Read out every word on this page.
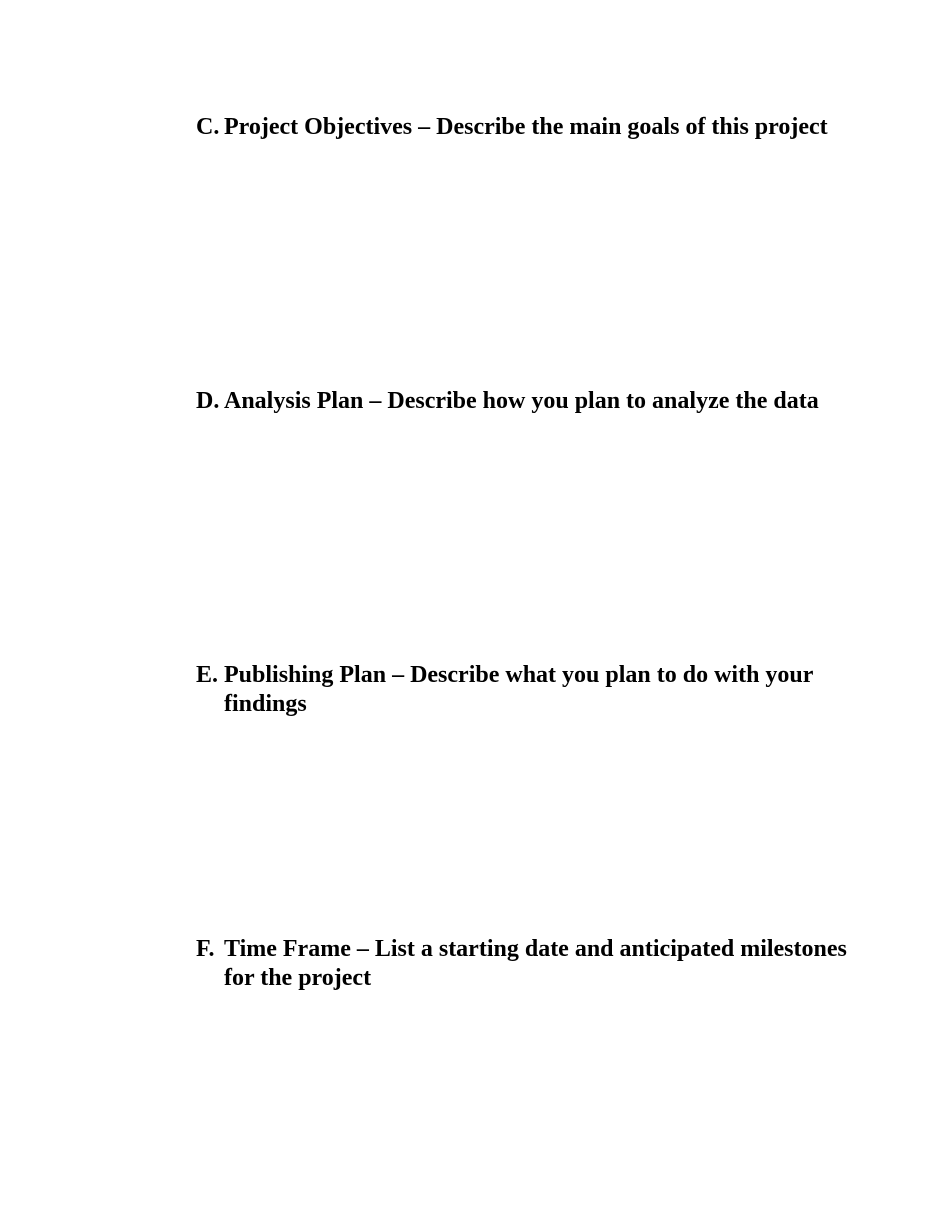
C. Project Objectives – Describe the main goals of this project
D. Analysis Plan – Describe how you plan to analyze the data
E. Publishing Plan – Describe what you plan to do with your findings
F. Time Frame – List a starting date and anticipated milestones for the project
